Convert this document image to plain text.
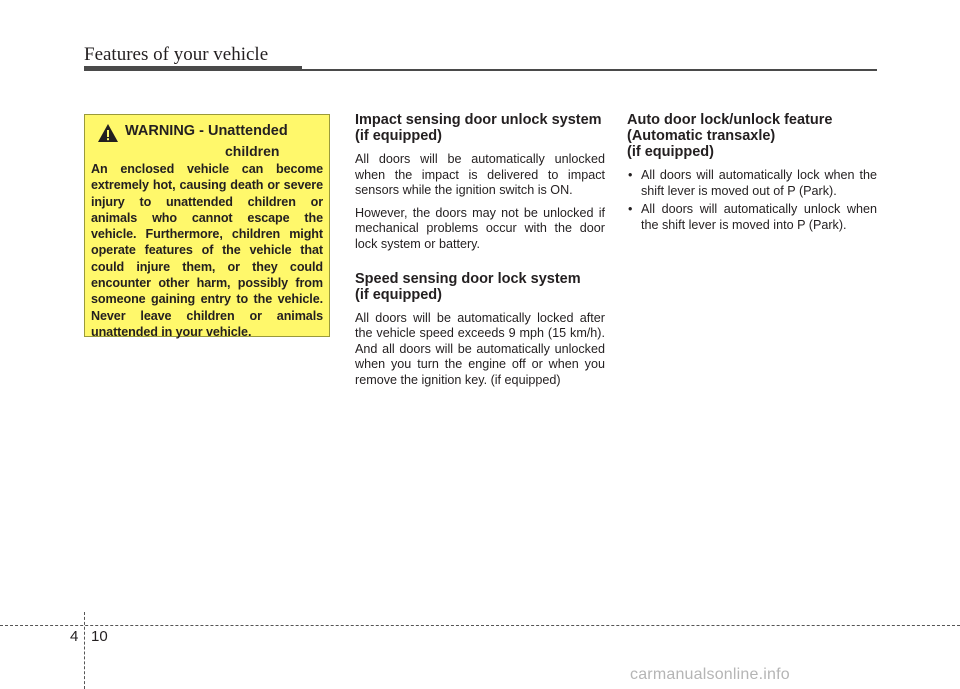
Features of your vehicle
WARNING - Unattended
children
An enclosed vehicle can become extremely hot, causing death or severe injury to unattended children or animals who cannot escape the vehicle. Furthermore, children might operate features of the vehicle that could injure them, or they could encounter other harm, possibly from someone gaining entry to the vehicle. Never leave children or animals unattended in your vehicle.
Impact sensing door unlock system
(if equipped)

All doors will be automatically unlocked when the impact is delivered to impact sensors while the ignition switch is ON.

However, the doors may not be unlocked if mechanical problems occur with the door lock system or battery.

Speed sensing door lock system
(if equipped)

All doors will be automatically locked after the vehicle speed exceeds 9 mph (15 km/h). And all doors will be automatically unlocked when you turn the engine off or when you remove the ignition key. (if equipped)

Auto door lock/unlock feature
(Automatic transaxle)
(if equipped)
• All doors will automatically lock when the shift lever is moved out of P (Park).
• All doors will automatically unlock when the shift lever is moved into P (Park).
4 10
carmanualsonline.info
